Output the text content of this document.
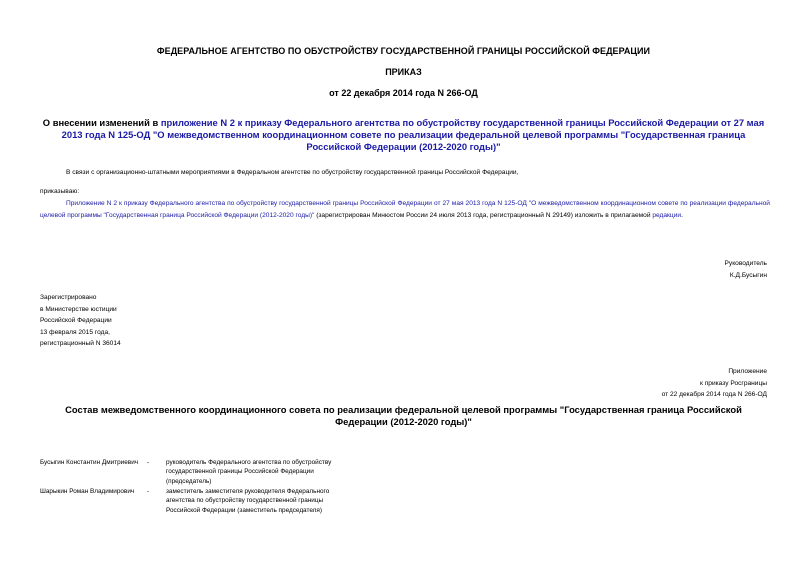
ФЕДЕРАЛЬНОЕ АГЕНТСТВО ПО ОБУСТРОЙСТВУ ГОСУДАРСТВЕННОЙ ГРАНИЦЫ РОССИЙСКОЙ ФЕДЕРАЦИИ
ПРИКАЗ
от 22 декабря 2014 года N 266-ОД
О внесении изменений в приложение N 2 к приказу Федерального агентства по обустройству государственной границы Российской Федерации от 27 мая 2013 года N 125-ОД "О межведомственном координационном совете по реализации федеральной целевой программы "Государственная граница Российской Федерации (2012-2020 годы)"
В связи с организационно-штатными мероприятиями в Федеральном агентстве по обустройству государственной границы Российской Федерации,
приказываю:
Приложение N 2 к приказу Федерального агентства по обустройству государственной границы Российской Федерации от 27 мая 2013 года N 125-ОД "О межведомственном координационном совете по реализации федеральной целевой программы "Государственная граница Российской Федерации (2012-2020 годы)" (зарегистрирован Минюстом России 24 июля 2013 года, регистрационный N 29149) изложить в прилагаемой редакции.
Руководитель
К.Д.Бусыгин
Зарегистрировано
в Министерстве юстиции
Российской Федерации
13 февраля 2015 года,
регистрационный N 36014
Приложение
к приказу Росграницы
от 22 декабря 2014 года N 266-ОД
Состав межведомственного координационного совета по реализации федеральной целевой программы "Государственная граница Российской Федерации (2012-2020 годы)"
Бусыгин Константин Дмитриевич -	руководитель Федерального агентства по обустройству государственной границы Российской Федерации (председатель)
Шарыкин Роман Владимирович	-	заместитель заместителя руководителя Федерального агентства по обустройству государственной границы Российской Федерации (заместитель председателя)
